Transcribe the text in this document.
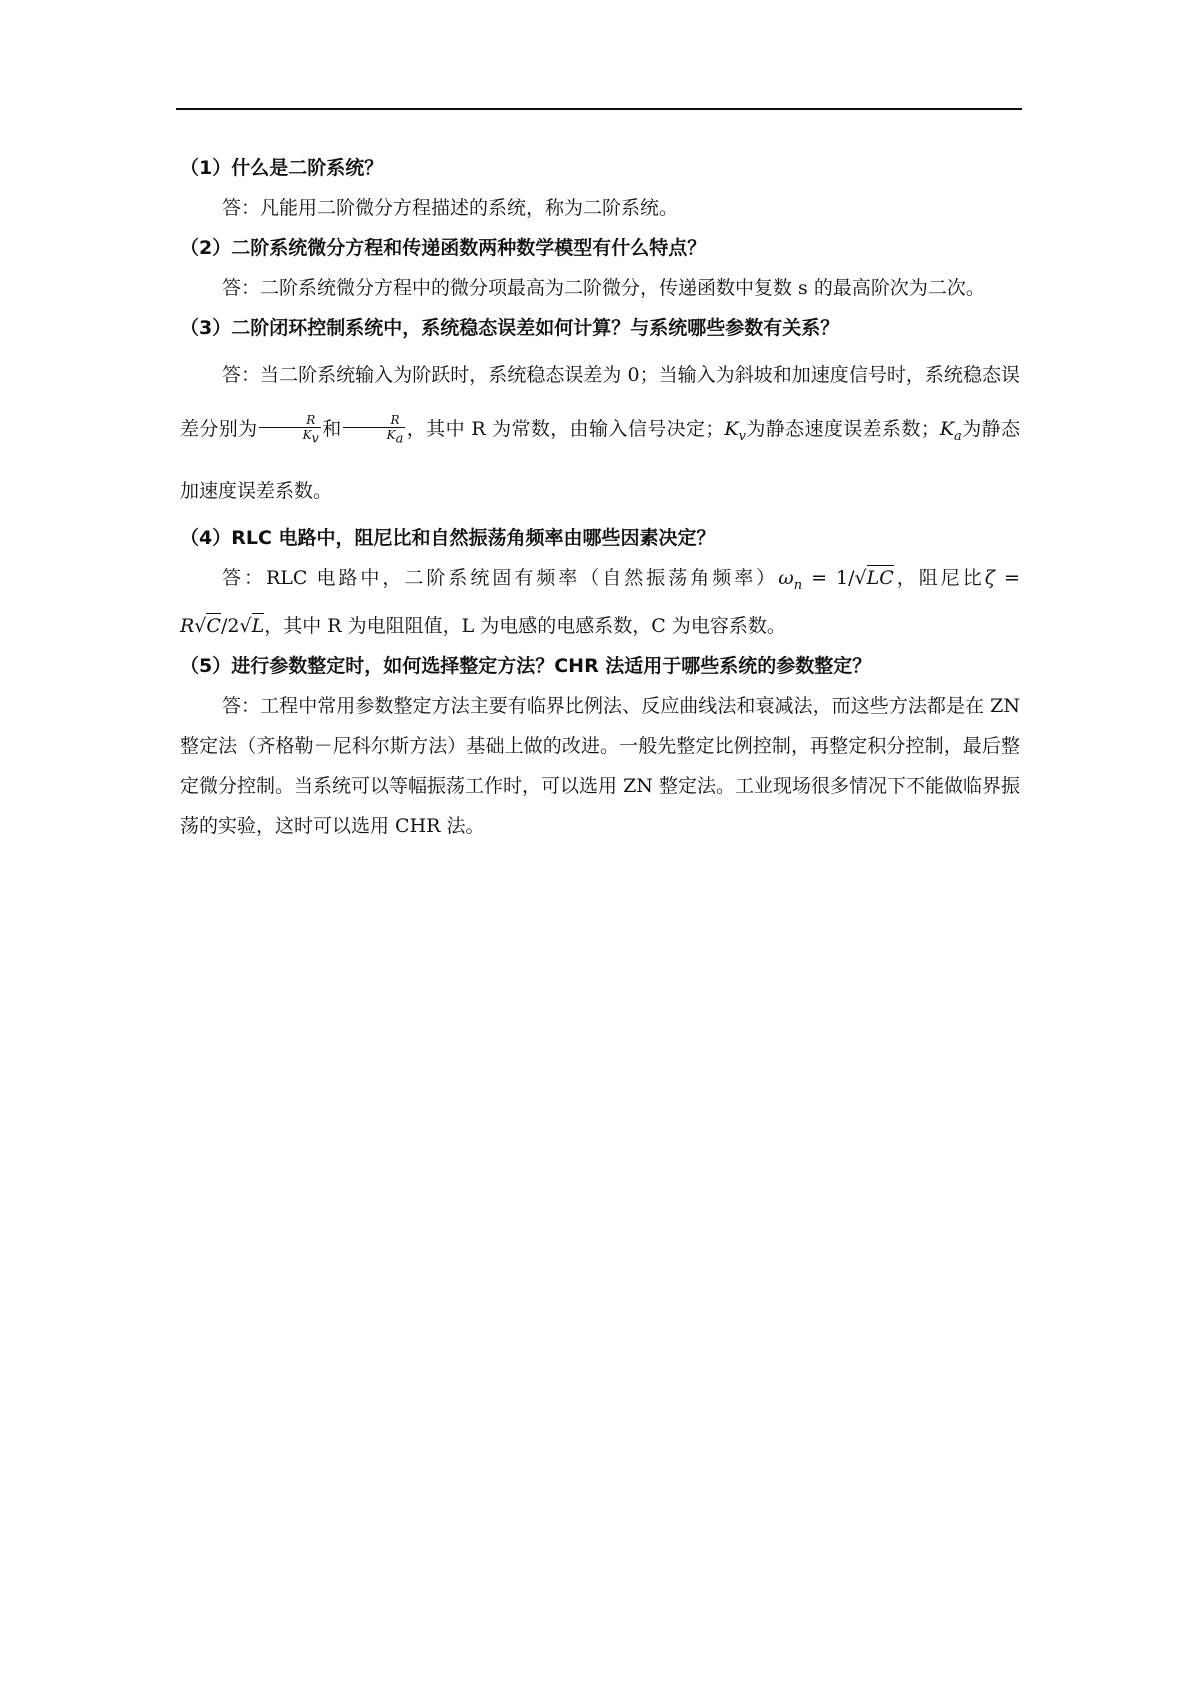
（1）什么是二阶系统？

答：凡能用二阶微分方程描述的系统，称为二阶系统。

（2）二阶系统微分方程和传递函数两种数学模型有什么特点？

答：二阶系统微分方程中的微分项最高为二阶微分，传递函数中复数 s 的最高阶次为二次。

（3）二阶闭环控制系统中，系统稳态误差如何计算？与系统哪些参数有关系？

答：当二阶系统输入为阶跃时，系统稳态误差为 0；当输入为斜坡和加速度信号时，系统稳态误差分别为 $\frac{R}{K_v}$ 和 $\frac{R}{K_a}$ ，其中 R 为常数，由输入信号决定；$K_v$为静态速度误差系数；$K_a$为静态加速度误差系数。

（4）RLC 电路中，阻尼比和自然振荡角频率由哪些因素决定？

答：RLC 电路中，二阶系统固有频率（自然振荡角频率）$\omega_n = 1/√LC$，阻尼比ζ = R√C/2√L，其中 R 为电阻阻值，L 为电感的电感系数，C 为电容系数。

（5）进行参数整定时，如何选择整定方法？CHR 法适用于哪些系统的参数整定？

答：工程中常用参数整定方法主要有临界比例法、反应曲线法和衰减法，而这些方法都是在 ZN 整定法（齐格勒－尼科尔斯方法）基础上做的改进。一般先整定比例控制，再整定积分控制，最后整定微分控制。当系统可以等幅振荡工作时，可以选用 ZN 整定法。工业现场很多情况下不能做临界振荡的实验，这时可以选用 CHR 法。
